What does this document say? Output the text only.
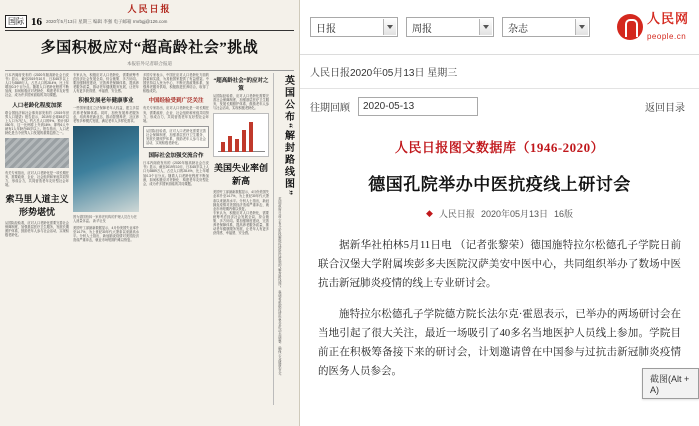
人民日报
国际 16 2020年5月13日 星期三 编辑 李强 电子邮箱 rmrbgj@126.com
多国积极应对“超高龄社会”挑战
本报驻外记者联合报道
日本内阁府发布的《2020年版高龄社会白皮书》显示，截至2019年10月，日本65岁以上人口为3589万人，占总人口的28.4%，比上年增加0.3个百分点。随着人口老龄化程度不断加深，如何积极应对老龄化、构建老年友好型社会，成为许多国家面临的共同课题。
人口老龄化程度加深
联合国经济和社会事务部发布的《2019年世界人口展望》报告显示，2019年全球65岁以上人口为7亿人，约占总人口的9%。预计到2050年，这一比例将上升到16%，即每6人中就有1人年龄在65岁以上。报告指出，人口老龄化是当今世界人口发展的重要趋势之一。
有关专家指出，应对人口老龄化是一项长期任务，需要政府、企业、社会组织和家庭共同努力，形成合力，共同营造老年友好型社会环境。
索马里人道主义形势堪忧
从国际经验看，应对人口老龄化需要完善社会保障制度，加强基层医疗卫生服务，发展长期照护体系，鼓励老年人参与社会活动，实现积极老龄化。
专家认为，积极应对人口老龄化，需要统筹考虑经济社会发展全局，综合施策、多方协同。要加强制度建设，完善养老保障体系，提高养老服务质量，推动老年健康服务发展，让老年人有更多获得感、幸福感、安全感。
积极发展老年健康事业
一些国家通过立法保障老年人权益，建立多层次养老保障体系。同时，加快发展养老服务业，培育养老新业态，推动智慧养老、社区养老等多种模式发展，满足老年人多样化需求。
图为德国柏林一家养老机构的护理人员在为老人测量体温。 新华社发
美国劳工部最新数据显示，4月份美国失业率升至14.7%，为上世纪30年代大萧条以来最高水平。分析人士指出，新冠肺炎疫情对美国经济造成严重冲击，就业市场短期内难以恢复。
多国专家表示，中国在应对人口老龄化方面的探索和实践，为其他国家提供了有益借鉴。中国坚持以人民为中心，不断完善政策体系，加强养老服务供给，积极推进医养结合，取得了积极成效。
中国经验受到广泛关注
有关专家指出，应对人口老龄化是一项长期任务，需要政府、企业、社会组织和家庭共同努力，形成合力，共同营造老年友好型社会环境。
从国际经验看，应对人口老龄化需要完善社会保障制度，加强基层医疗卫生服务，发展长期照护体系，鼓励老年人参与社会活动，实现积极老龄化。
国际社会加强交流合作
日本内阁府发布的《2020年版高龄社会白皮书》显示，截至2019年10月，日本65岁以上人口为3589万人，占总人口的28.4%，比上年增加0.3个百分点。随着人口老龄化程度不断加深，如何积极应对老龄化、构建老年友好型社会，成为许多国家面临的共同课题。
“超高龄社会”的应对之策
从国际经验看，应对人口老龄化需要完善社会保障制度，加强基层医疗卫生服务，发展长期照护体系，鼓励老年人参与社会活动，实现积极老龄化。
美国失业率创新高
美国劳工部最新数据显示，4月份美国失业率升至14.7%，为上世纪30年代大萧条以来最高水平。分析人士指出，新冠肺炎疫情对美国经济造成严重冲击，就业市场短期内难以恢复。
专家认为，积极应对人口老龄化，需要统筹考虑经济社会发展全局，综合施策、多方协同。要加强制度建设，完善养老保障体系，提高养老服务质量，推动老年健康服务发展，让老年人有更多获得感、幸福感、安全感。
英国公布“解封路线图”
英国政府日前公布分阶段解除疫情防控措施的“解封路线图”，强调将根据疫情形势变化动态调整，确保公众健康安全。
日报	周报	杂志
人民网
people.cn
人民日报2020年05月13日 星期三
往期回顾	2020-05-13	返回目录
人民日报图文数据库（1946-2020）
德国孔院举办中医抗疫线上研讨会
◆ 人民日报 2020年05月13日 16版

据新华社柏林5月11日电 （记者张黎荣）德国施特拉尔松德孔子学院日前联合汉堡大学附属埃彭多夫医院汉萨美安中医中心，共同组织举办了数场中医抗击新冠肺炎疫情的线上专业研讨会。

施特拉尔松德孔子学院德方院长法尔克·霍恩表示，已举办的两场研讨会在当地引起了很大关注，最近一场吸引了40多名当地医护人员线上参加。学院目前正在积极筹备接下来的研讨会，计划邀请曾在中国参与过抗击新冠肺炎疫情的医务人员参会。

截图(Alt + A)
